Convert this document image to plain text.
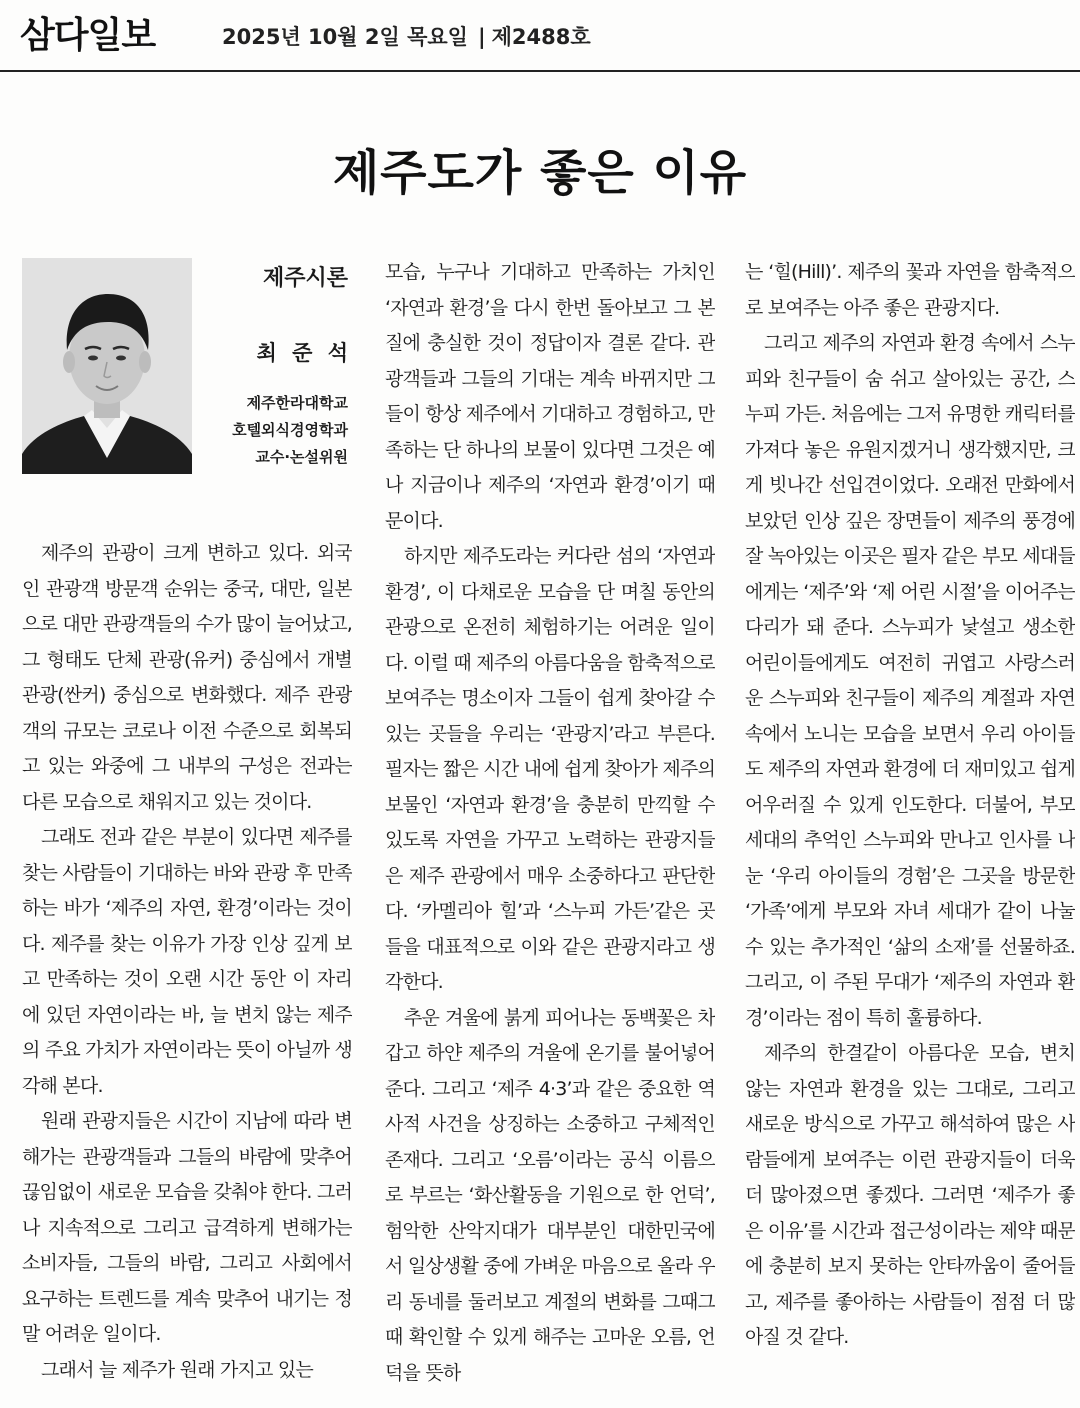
삼다일보	2025년 10월 2일 목요일 | 제2488호
제주도가 좋은 이유
제주시론
최 준 석
제주한라대학교
호텔외식경영학과
교수·논설위원

제주의 관광이 크게 변하고 있다. 외국인 관광객 방문객 순위는 중국, 대만, 일본으로 대만 관광객들의 수가 많이 늘어났고, 그 형태도 단체 관광(유커) 중심에서 개별관광(싼커) 중심으로 변화했다. 제주 관광객의 규모는 코로나 이전 수준으로 회복되고 있는 와중에 그 내부의 구성은 전과는 다른 모습으로 채워지고 있는 것이다.

그래도 전과 같은 부분이 있다면 제주를 찾는 사람들이 기대하는 바와 관광 후 만족하는 바가 ‘제주의 자연, 환경’이라는 것이다. 제주를 찾는 이유가 가장 인상 깊게 보고 만족하는 것이 오랜 시간 동안 이 자리에 있던 자연이라는 바, 늘 변치 않는 제주의 주요 가치가 자연이라는 뜻이 아닐까 생각해 본다.

원래 관광지들은 시간이 지남에 따라 변해가는 관광객들과 그들의 바람에 맞추어 끊임없이 새로운 모습을 갖춰야 한다. 그러나 지속적으로 그리고 급격하게 변해가는 소비자들, 그들의 바람, 그리고 사회에서 요구하는 트렌드를 계속 맞추어 내기는 정말 어려운 일이다.

그래서 늘 제주가 원래 가지고 있는

모습, 누구나 기대하고 만족하는 가치인 ‘자연과 환경’을 다시 한번 돌아보고 그 본질에 충실한 것이 정답이자 결론 같다. 관광객들과 그들의 기대는 계속 바뀌지만 그들이 항상 제주에서 기대하고 경험하고, 만족하는 단 하나의 보물이 있다면 그것은 예나 지금이나 제주의 ‘자연과 환경’이기 때문이다.

하지만 제주도라는 커다란 섬의 ‘자연과 환경’, 이 다채로운 모습을 단 며칠 동안의 관광으로 온전히 체험하기는 어려운 일이다. 이럴 때 제주의 아름다움을 함축적으로 보여주는 명소이자 그들이 쉽게 찾아갈 수 있는 곳들을 우리는 ‘관광지’라고 부른다. 필자는 짧은 시간 내에 쉽게 찾아가 제주의 보물인 ‘자연과 환경’을 충분히 만끽할 수 있도록 자연을 가꾸고 노력하는 관광지들은 제주 관광에서 매우 소중하다고 판단한다. ‘카멜리아 힐’과 ‘스누피 가든’같은 곳들을 대표적으로 이와 같은 관광지라고 생각한다.

추운 겨울에 붉게 피어나는 동백꽃은 차갑고 하얀 제주의 겨울에 온기를 불어넣어 준다. 그리고 ‘제주 4·3’과 같은 중요한 역사적 사건을 상징하는 소중하고 구체적인 존재다. 그리고 ‘오름’이라는 공식 이름으로 부르는 ‘화산활동을 기원으로 한 언덕’, 험악한 산악지대가 대부분인 대한민국에서 일상생활 중에 가벼운 마음으로 올라 우리 동네를 둘러보고 계절의 변화를 그때그때 확인할 수 있게 해주는 고마운 오름, 언덕을 뜻하

는 ‘힐(Hill)’. 제주의 꽃과 자연을 함축적으로 보여주는 아주 좋은 관광지다.

그리고 제주의 자연과 환경 속에서 스누피와 친구들이 숨 쉬고 살아있는 공간, 스누피 가든. 처음에는 그저 유명한 캐릭터를 가져다 놓은 유원지겠거니 생각했지만, 크게 빗나간 선입견이었다. 오래전 만화에서 보았던 인상 깊은 장면들이 제주의 풍경에 잘 녹아있는 이곳은 필자 같은 부모 세대들에게는 ‘제주’와 ‘제 어린 시절’을 이어주는 다리가 돼 준다. 스누피가 낯설고 생소한 어린이들에게도 여전히 귀엽고 사랑스러운 스누피와 친구들이 제주의 계절과 자연 속에서 노니는 모습을 보면서 우리 아이들도 제주의 자연과 환경에 더 재미있고 쉽게 어우러질 수 있게 인도한다. 더불어, 부모 세대의 추억인 스누피와 만나고 인사를 나눈 ‘우리 아이들의 경험’은 그곳을 방문한 ‘가족’에게 부모와 자녀 세대가 같이 나눌 수 있는 추가적인 ‘삶의 소재’를 선물하죠. 그리고, 이 주된 무대가 ‘제주의 자연과 환경’이라는 점이 특히 훌륭하다.

제주의 한결같이 아름다운 모습, 변치 않는 자연과 환경을 있는 그대로, 그리고 새로운 방식으로 가꾸고 해석하여 많은 사람들에게 보여주는 이런 관광지들이 더욱더 많아졌으면 좋겠다. 그러면 ‘제주가 좋은 이유’를 시간과 접근성이라는 제약 때문에 충분히 보지 못하는 안타까움이 줄어들고, 제주를 좋아하는 사람들이 점점 더 많아질 것 같다.
